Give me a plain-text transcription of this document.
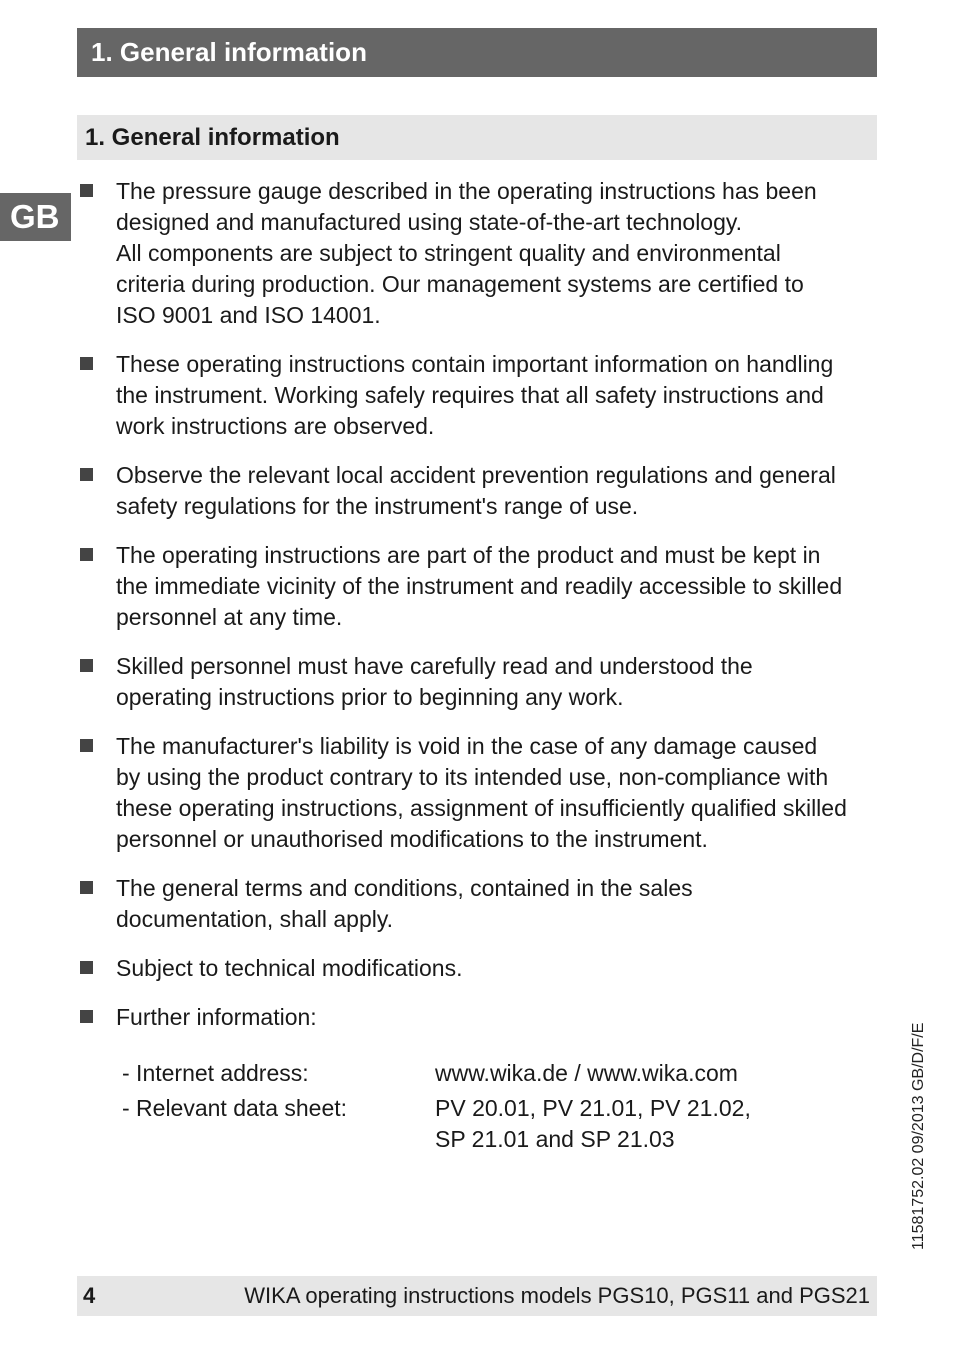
1. General information
GB
1. General information
The pressure gauge described in the operating instructions has been
designed and manufactured using state-of-the-art technology.
All components are subject to stringent quality and environmental
criteria during production. Our management systems are certified to
ISO 9001 and ISO 14001.
These operating instructions contain important information on handling
the instrument. Working safely requires that all safety instructions and
work instructions are observed.
Observe the relevant local accident prevention regulations and general
safety regulations for the instrument's range of use.
The operating instructions are part of the product and must be kept in
the immediate vicinity of the instrument and readily accessible to skilled
personnel at any time.
Skilled personnel must have carefully read and understood the
operating instructions prior to beginning any work.
The manufacturer's liability is void in the case of any damage caused
by using the product contrary to its intended use, non-compliance with
these operating instructions, assignment of insufficiently qualified skilled
personnel or unauthorised modifications to the instrument.
The general terms and conditions, contained in the sales
documentation, shall apply.
Subject to technical modifications.
Further information:
- Internet address:	www.wika.de / www.wika.com
- Relevant data sheet:	PV 20.01, PV 21.01, PV 21.02,
SP 21.01 and SP 21.03	11581752.02 09/2013 GB/D/F/E
4	WIKA operating instructions models PGS10, PGS11 and PGS21
